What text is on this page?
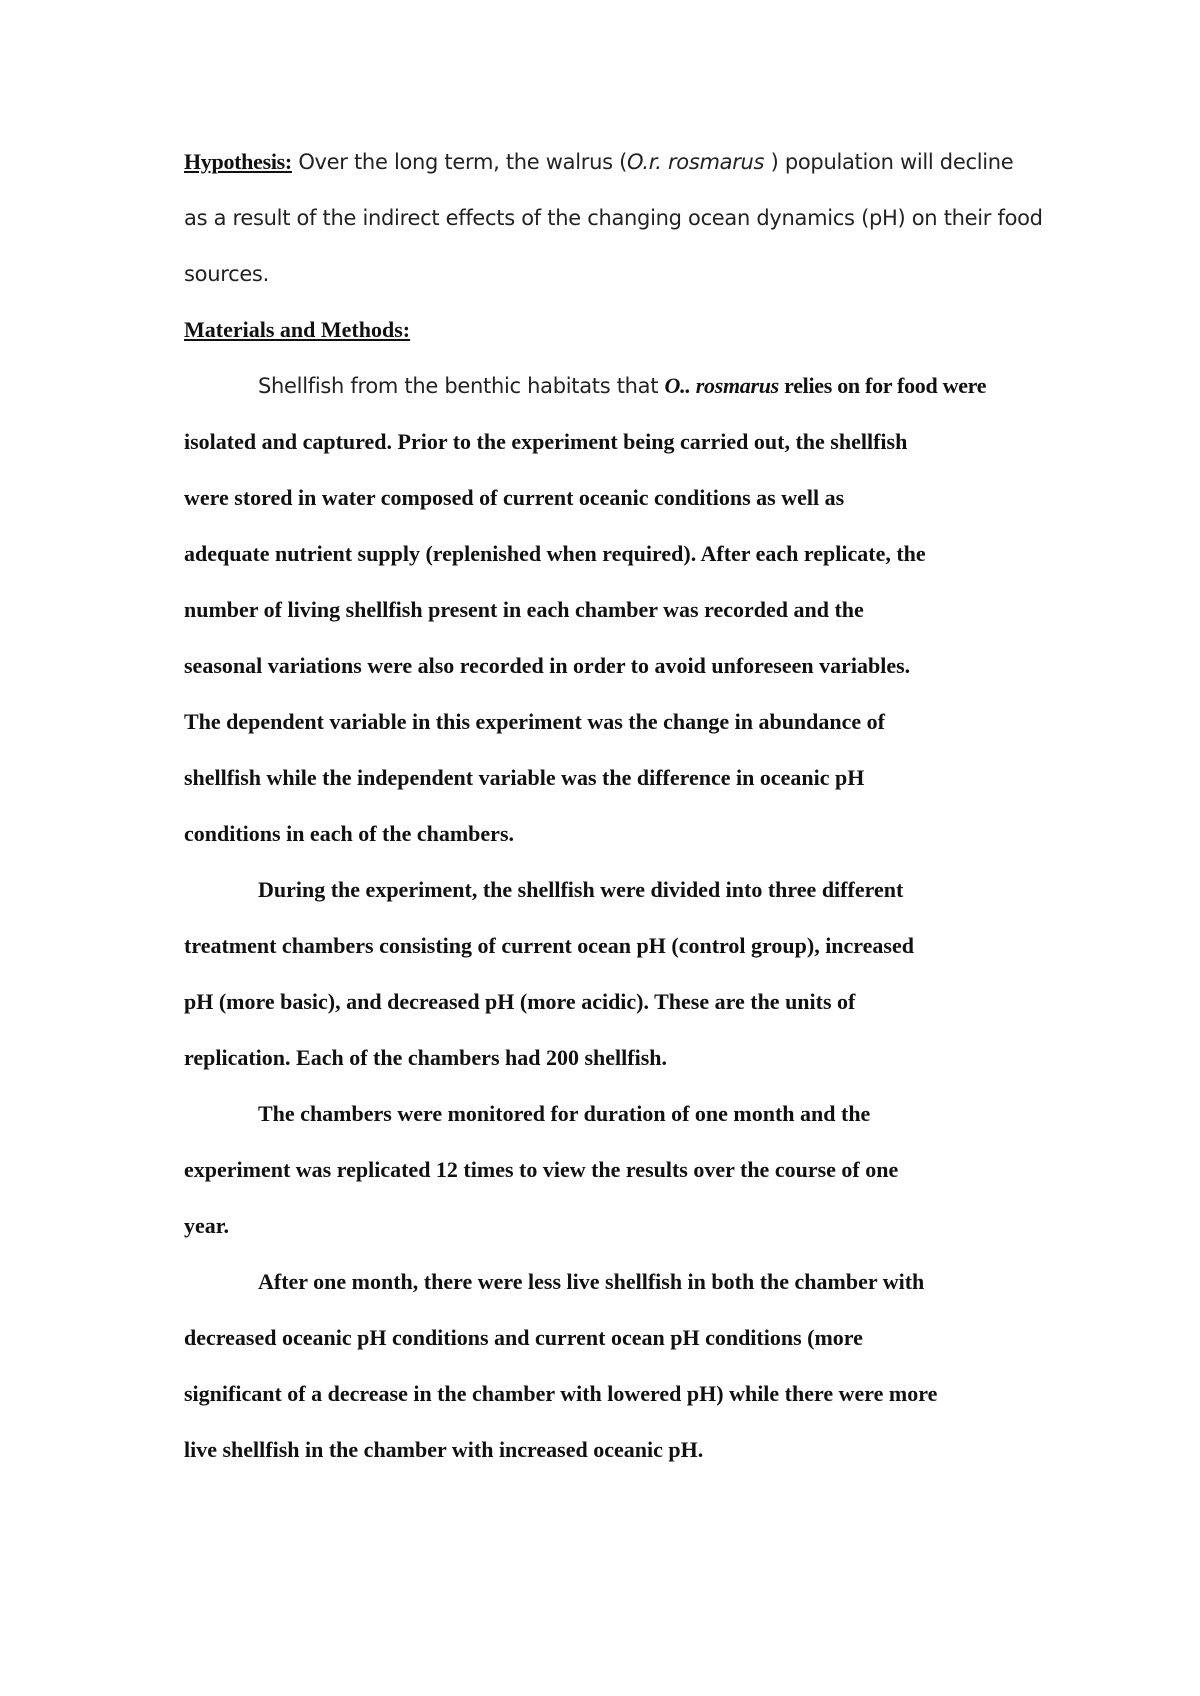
Hypothesis: Over the long term, the walrus (O.r. rosmarus ) population will decline
as a result of the indirect effects of the changing ocean dynamics (pH) on their food
sources.
Materials and Methods:
Shellfish from the benthic habitats that O.. rosmarus relies on for food were
isolated and captured. Prior to the experiment being carried out, the shellfish
were stored in water composed of current oceanic conditions as well as
adequate nutrient supply (replenished when required). After each replicate, the
number of living shellfish present in each chamber was recorded and the
seasonal variations were also recorded in order to avoid unforeseen variables.
The dependent variable in this experiment was the change in abundance of
shellfish while the independent variable was the difference in oceanic pH
conditions in each of the chambers.
During the experiment, the shellfish were divided into three different
treatment chambers consisting of current ocean pH (control group), increased
pH (more basic), and decreased pH (more acidic). These are the units of
replication. Each of the chambers had 200 shellfish.
The chambers were monitored for duration of one month and the
experiment was replicated 12 times to view the results over the course of one
year.
After one month, there were less live shellfish in both the chamber with
decreased oceanic pH conditions and current ocean pH conditions (more
significant of a decrease in the chamber with lowered pH) while there were more
live shellfish in the chamber with increased oceanic pH.
